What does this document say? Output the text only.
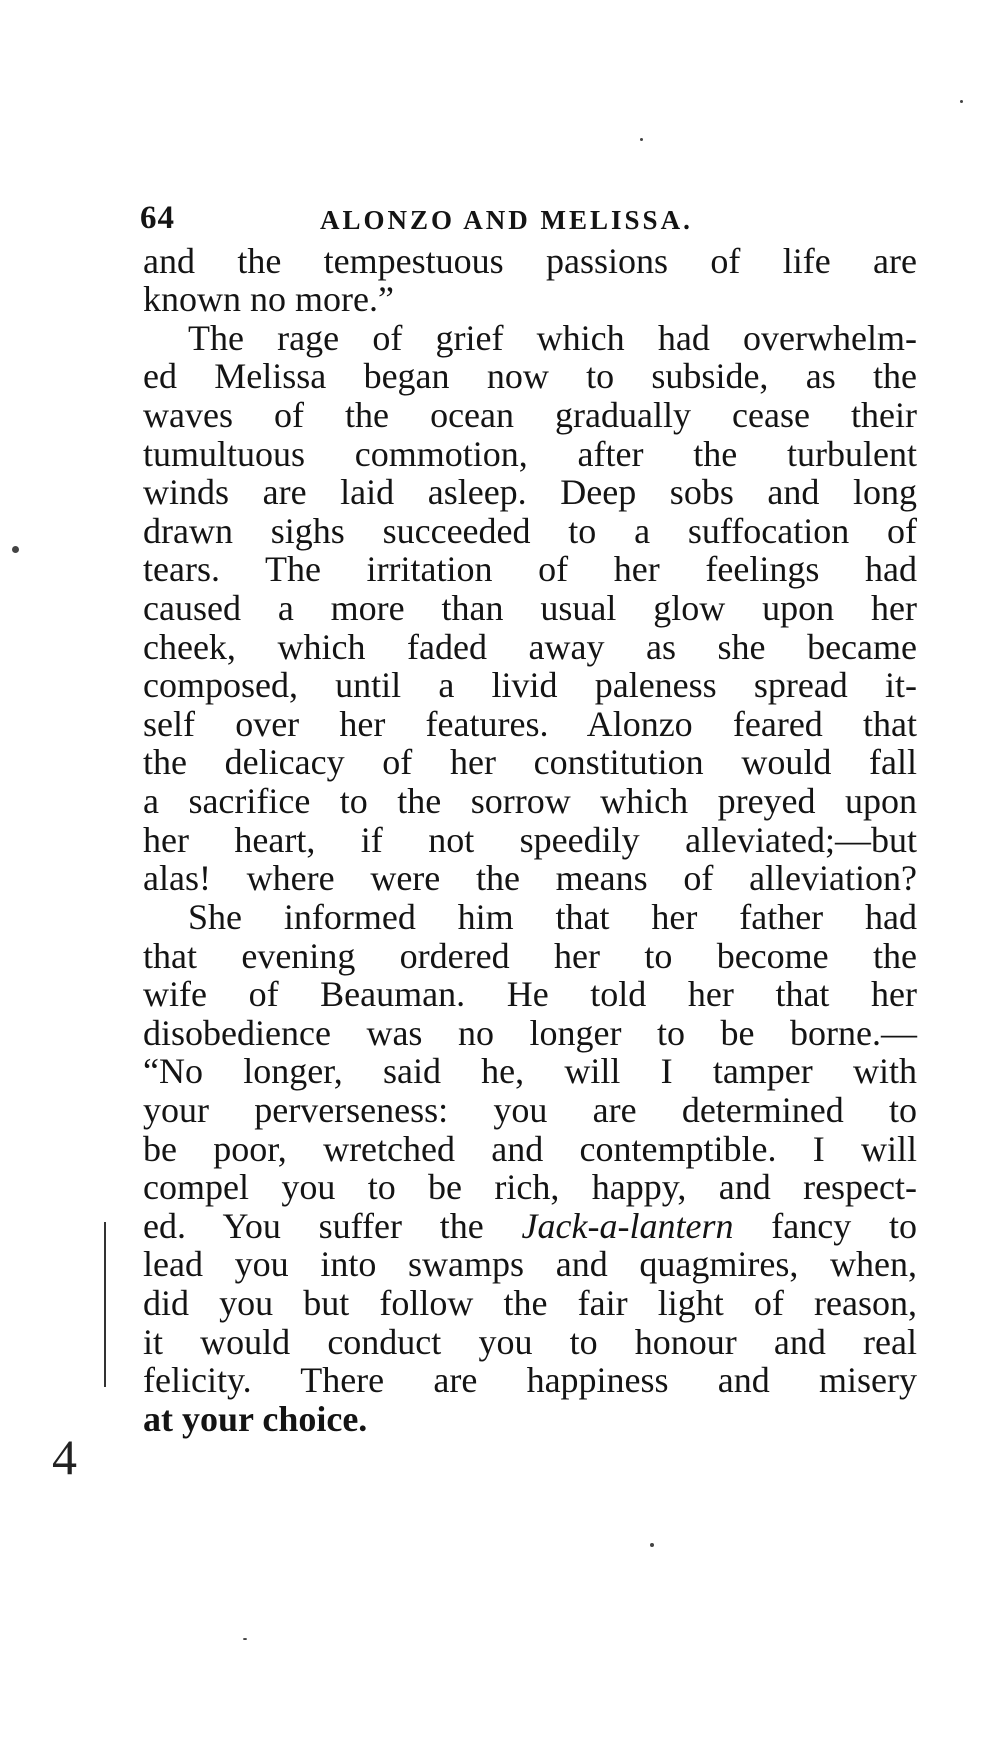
64	ALONZO AND MELISSA.
and the tempestuous passions of life are
known no more.”
The rage of grief which had overwhelm-
ed Melissa began now to subside, as the
waves of the ocean gradually cease their
tumultuous commotion, after the turbulent
winds are laid asleep. Deep sobs and long
drawn sighs succeeded to a suffocation of
tears. The irritation of her feelings had
caused a more than usual glow upon her
cheek, which faded away as she became
composed, until a livid paleness spread it-
self over her features. Alonzo feared that
the delicacy of her constitution would fall
a sacrifice to the sorrow which preyed upon
her heart, if not speedily alleviated;—but
alas! where were the means of alleviation?
She informed him that her father had
that evening ordered her to become the
wife of Beauman. He told her that her
disobedience was no longer to be borne.—
“No longer, said he, will I tamper with
your perverseness: you are determined to
be poor, wretched and contemptible. I will
compel you to be rich, happy, and respect-
ed. You suffer the Jack-a-lantern fancy to
lead you into swamps and quagmires, when,
did you but follow the fair light of reason,
it would conduct you to honour and real
felicity. There are happiness and misery
at your choice.
4
